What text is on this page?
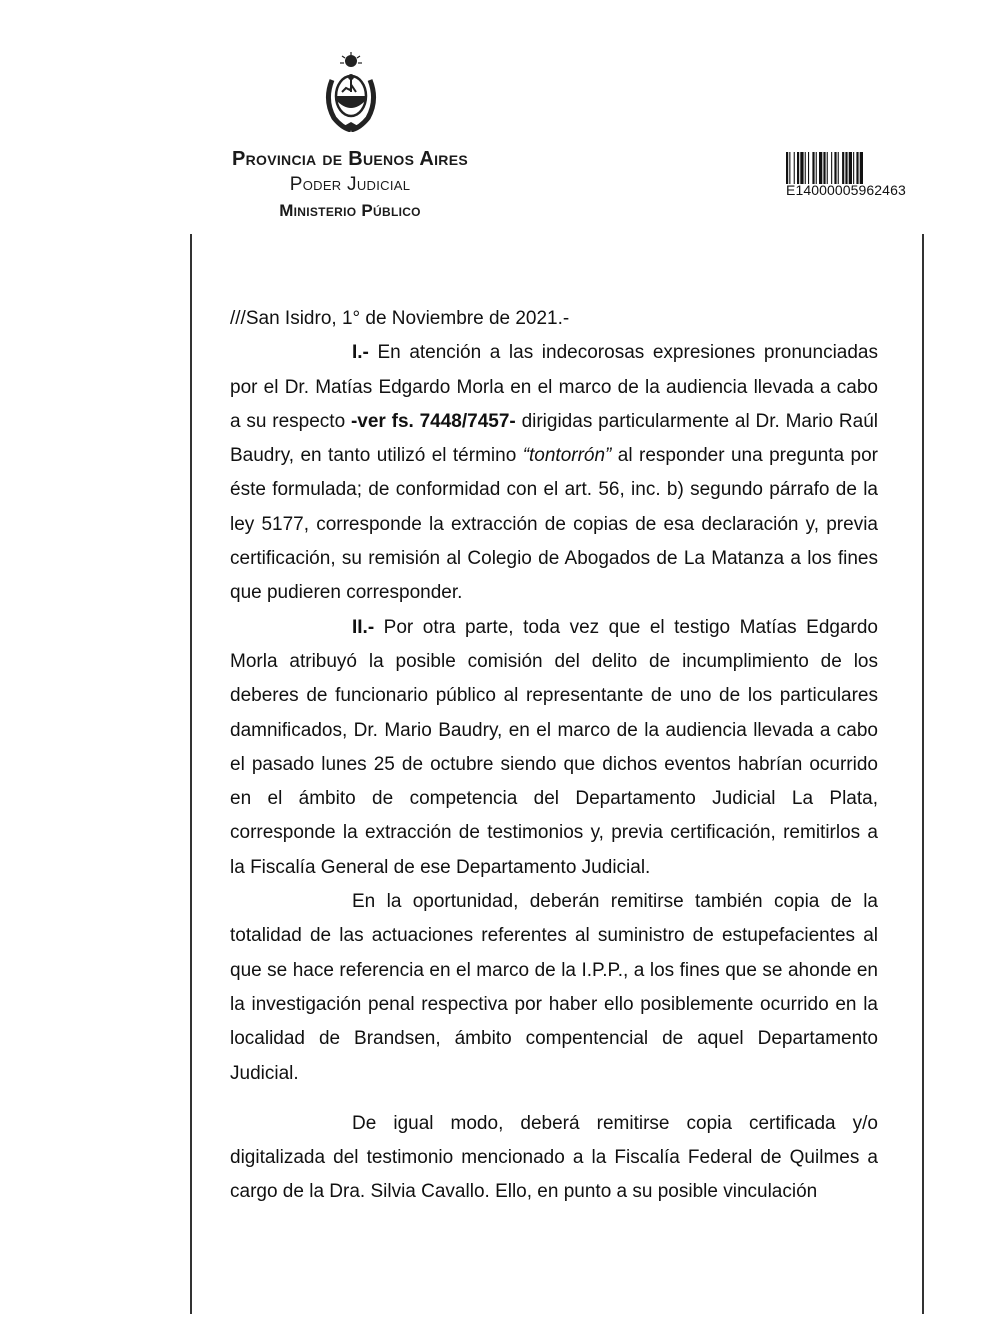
Provincia de Buenos Aires
Poder Judicial
Ministerio Público
E14000005962463

///San Isidro, 1° de Noviembre de 2021.-

I.- En atención a las indecorosas expresiones pronunciadas por el Dr. Matías Edgardo Morla en el marco de la audiencia llevada a cabo a su respecto -ver fs. 7448/7457- dirigidas particularmente al Dr. Mario Raúl Baudry, en tanto utilizó el término “tontorrón” al responder una pregunta por éste formulada; de conformidad con el art. 56, inc. b) segundo párrafo de la ley 5177, corresponde la extracción de copias de esa declaración y, previa certificación, su remisión al Colegio de Abogados de La Matanza a los fines que pudieren corresponder.

II.- Por otra parte, toda vez que el testigo Matías Edgardo Morla atribuyó la posible comisión del delito de incumplimiento de los deberes de funcionario público al representante de uno de los particulares damnificados, Dr. Mario Baudry, en el marco de la audiencia llevada a cabo el pasado lunes 25 de octubre siendo que dichos eventos habrían ocurrido en el ámbito de competencia del Departamento Judicial La Plata, corresponde la extracción de testimonios y, previa certificación, remitirlos a la Fiscalía General de ese Departamento Judicial.

En la oportunidad, deberán remitirse también copia de la totalidad de las actuaciones referentes al suministro de estupefacientes al que se hace referencia en el marco de la I.P.P., a los fines que se ahonde en la investigación penal respectiva por haber ello posiblemente ocurrido en la localidad de Brandsen, ámbito compentencial de aquel Departamento Judicial.

De igual modo, deberá remitirse copia certificada y/o digitalizada del testimonio mencionado a la Fiscalía Federal de Quilmes a cargo de la Dra. Silvia Cavallo. Ello, en punto a su posible vinculación
